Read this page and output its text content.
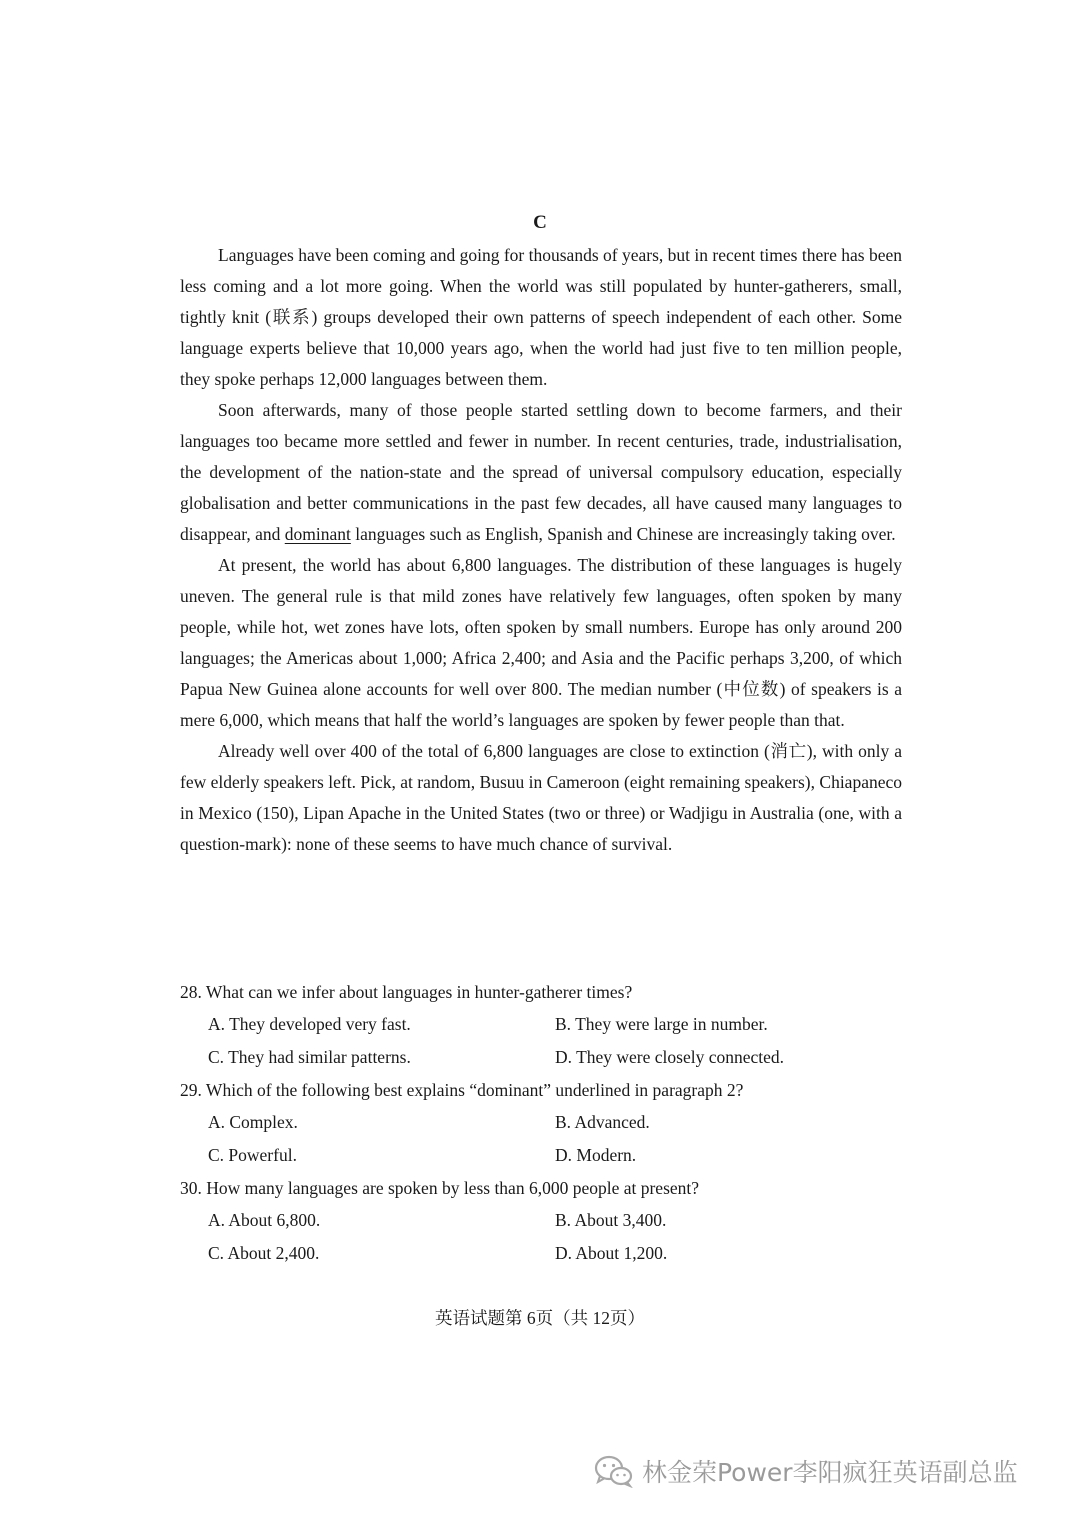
C

Languages have been coming and going for thousands of years, but in recent times there has been less coming and a lot more going. When the world was still populated by hunter-gatherers, small, tightly knit (联系) groups developed their own patterns of speech independent of each other. Some language experts believe that 10,000 years ago, when the world had just five to ten million people, they spoke perhaps 12,000 languages between them.

Soon afterwards, many of those people started settling down to become farmers, and their languages too became more settled and fewer in number. In recent centuries, trade, industrialisation, the development of the nation-state and the spread of universal compulsory education, especially globalisation and better communications in the past few decades, all have caused many languages to disappear, and dominant languages such as English, Spanish and Chinese are increasingly taking over.

At present, the world has about 6,800 languages. The distribution of these languages is hugely uneven. The general rule is that mild zones have relatively few languages, often spoken by many people, while hot, wet zones have lots, often spoken by small numbers. Europe has only around 200 languages; the Americas about 1,000; Africa 2,400; and Asia and the Pacific perhaps 3,200, of which Papua New Guinea alone accounts for well over 800. The median number (中位数) of speakers is a mere 6,000, which means that half the world’s languages are spoken by fewer people than that.

Already well over 400 of the total of 6,800 languages are close to extinction (消亡), with only a few elderly speakers left. Pick, at random, Busuu in Cameroon (eight remaining speakers), Chiapaneco in Mexico (150), Lipan Apache in the United States (two or three) or Wadjigu in Australia (one, with a question-mark): none of these seems to have much chance of survival.

28. What can we infer about languages in hunter-gatherer times?
A. They developed very fast.	B. They were large in number.
C. They had similar patterns.	D. They were closely connected.
29. Which of the following best explains “dominant” underlined in paragraph 2?
A. Complex.	B. Advanced.
C. Powerful.	D. Modern.
30. How many languages are spoken by less than 6,000 people at present?
A. About 6,800.	B. About 3,400.
C. About 2,400.	D. About 1,200.
英语试题第 6页（共 12页）
林金荣Power李阳疯狂英语副总监
